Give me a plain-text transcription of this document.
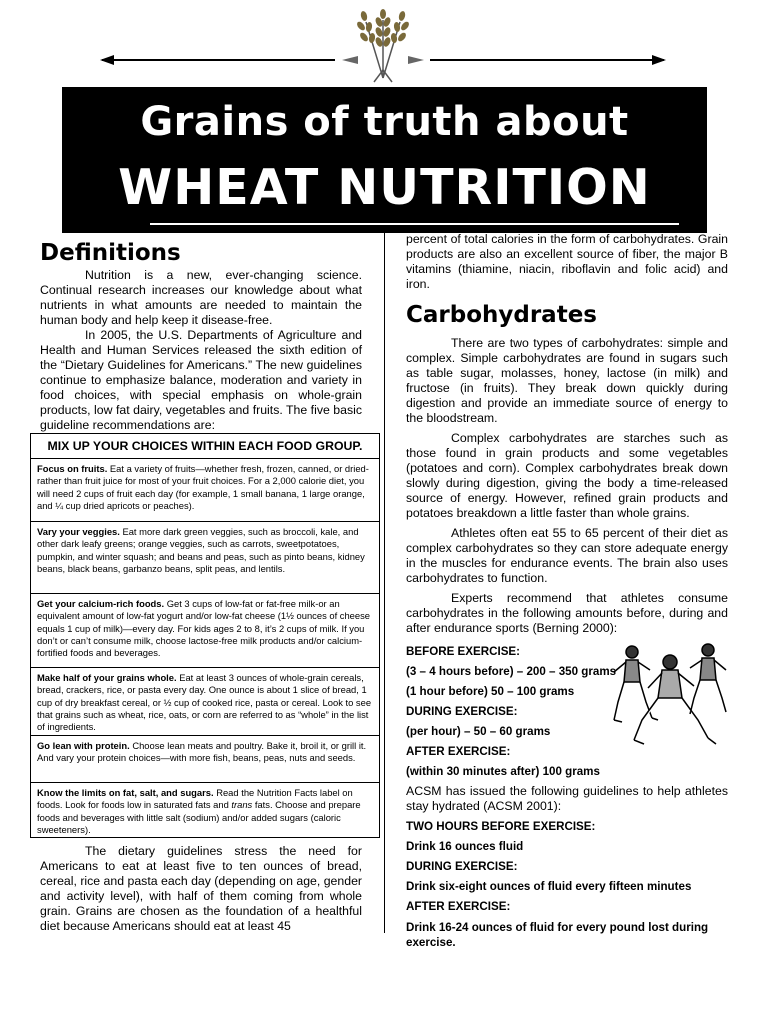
Grains of truth about
WHEAT NUTRITION
Definitions

Nutrition is a new, ever-changing science. Continual research increases our knowledge about what nutrients in what amounts are needed to maintain the human body and help keep it disease-free.

In 2005, the U.S. Departments of Agriculture and Health and Human Services released the sixth edition of the “Dietary Guidelines for Americans.” The new guidelines continue to emphasize balance, moderation and variety in food choices, with special emphasis on whole-grain products, low fat dairy, vegetables and fruits. The five basic guideline recommendations are:

MIX UP YOUR CHOICES WITHIN EACH FOOD GROUP.
Focus on fruits. Eat a variety of fruits—whether fresh, frozen, canned, or dried-rather than fruit juice for most of your fruit choices. For a 2,000 calorie diet, you will need 2 cups of fruit each day (for example, 1 small banana, 1 large orange, and ¼ cup dried apricots or peaches).
Vary your veggies. Eat more dark green veggies, such as broccoli, kale, and other dark leafy greens; orange veggies, such as carrots, sweetpotatoes, pumpkin, and winter squash; and beans and peas, such as pinto beans, kidney beans, black beans, garbanzo beans, split peas, and lentils.
Get your calcium-rich foods. Get 3 cups of low-fat or fat-free milk-or an equivalent amount of low-fat yogurt and/or low-fat cheese (1½ ounces of cheese equals 1 cup of milk)—every day. For kids ages 2 to 8, it’s 2 cups of milk. If you don’t or can’t consume milk, choose lactose-free milk products and/or calcium-fortified foods and beverages.
Make half of your grains whole. Eat at least 3 ounces of whole-grain cereals, bread, crackers, rice, or pasta every day. One ounce is about 1 slice of bread, 1 cup of dry breakfast cereal, or ½ cup of cooked rice, pasta or cereal. Look to see that grains such as wheat, rice, oats, or corn are referred to as “whole” in the list of ingredients.
Go lean with protein. Choose lean meats and poultry. Bake it, broil it, or grill it. And vary your protein choices—with more fish, beans, peas, nuts and seeds.
Know the limits on fat, salt, and sugars. Read the Nutrition Facts label on foods. Look for foods low in saturated fats and trans fats. Choose and prepare foods and beverages with little salt (sodium) and/or added sugars (caloric sweeteners).

The dietary guidelines stress the need for Americans to eat at least five to ten ounces of bread, cereal, rice and pasta each day (depending on age, gender and activity level), with half of them coming from whole grain. Grains are chosen as the foundation of a healthful diet because Americans should eat at least 45

percent of total calories in the form of carbohydrates. Grain products are also an excellent source of fiber, the major B vitamins (thiamine, niacin, riboflavin and folic acid) and iron.

Carbohydrates

There are two types of carbohydrates: simple and complex. Simple carbohydrates are found in sugars such as table sugar, molasses, honey, lactose (in milk) and fructose (in fruits). They break down quickly during digestion and provide an immediate source of energy to the bloodstream.

Complex carbohydrates are starches such as those found in grain products and some vegetables (potatoes and corn). Complex carbohydrates break down slowly during digestion, giving the body a time-released source of energy. However, refined grain products and potatoes breakdown a little faster than whole grains.

Athletes often eat 55 to 65 percent of their diet as complex carbohydrates so they can store adequate energy in the muscles for endurance events. The brain also uses carbohydrates to function.

Experts recommend that athletes consume carbohydrates in the following amounts before, during and after endurance sports (Berning 2000):

BEFORE EXERCISE:

(3 – 4 hours before) – 200 – 350 grams

(1 hour before) 50 – 100 grams

DURING EXERCISE:

(per hour) – 50 – 60 grams

AFTER EXERCISE:

(within 30 minutes after) 100 grams

ACSM has issued the following guidelines to help athletes stay hydrated (ACSM 2001):

TWO HOURS BEFORE EXERCISE:

Drink 16 ounces fluid

DURING EXERCISE:

Drink six-eight ounces of fluid every fifteen minutes

AFTER EXERCISE:

Drink 16-24 ounces of fluid for every pound lost during exercise.
